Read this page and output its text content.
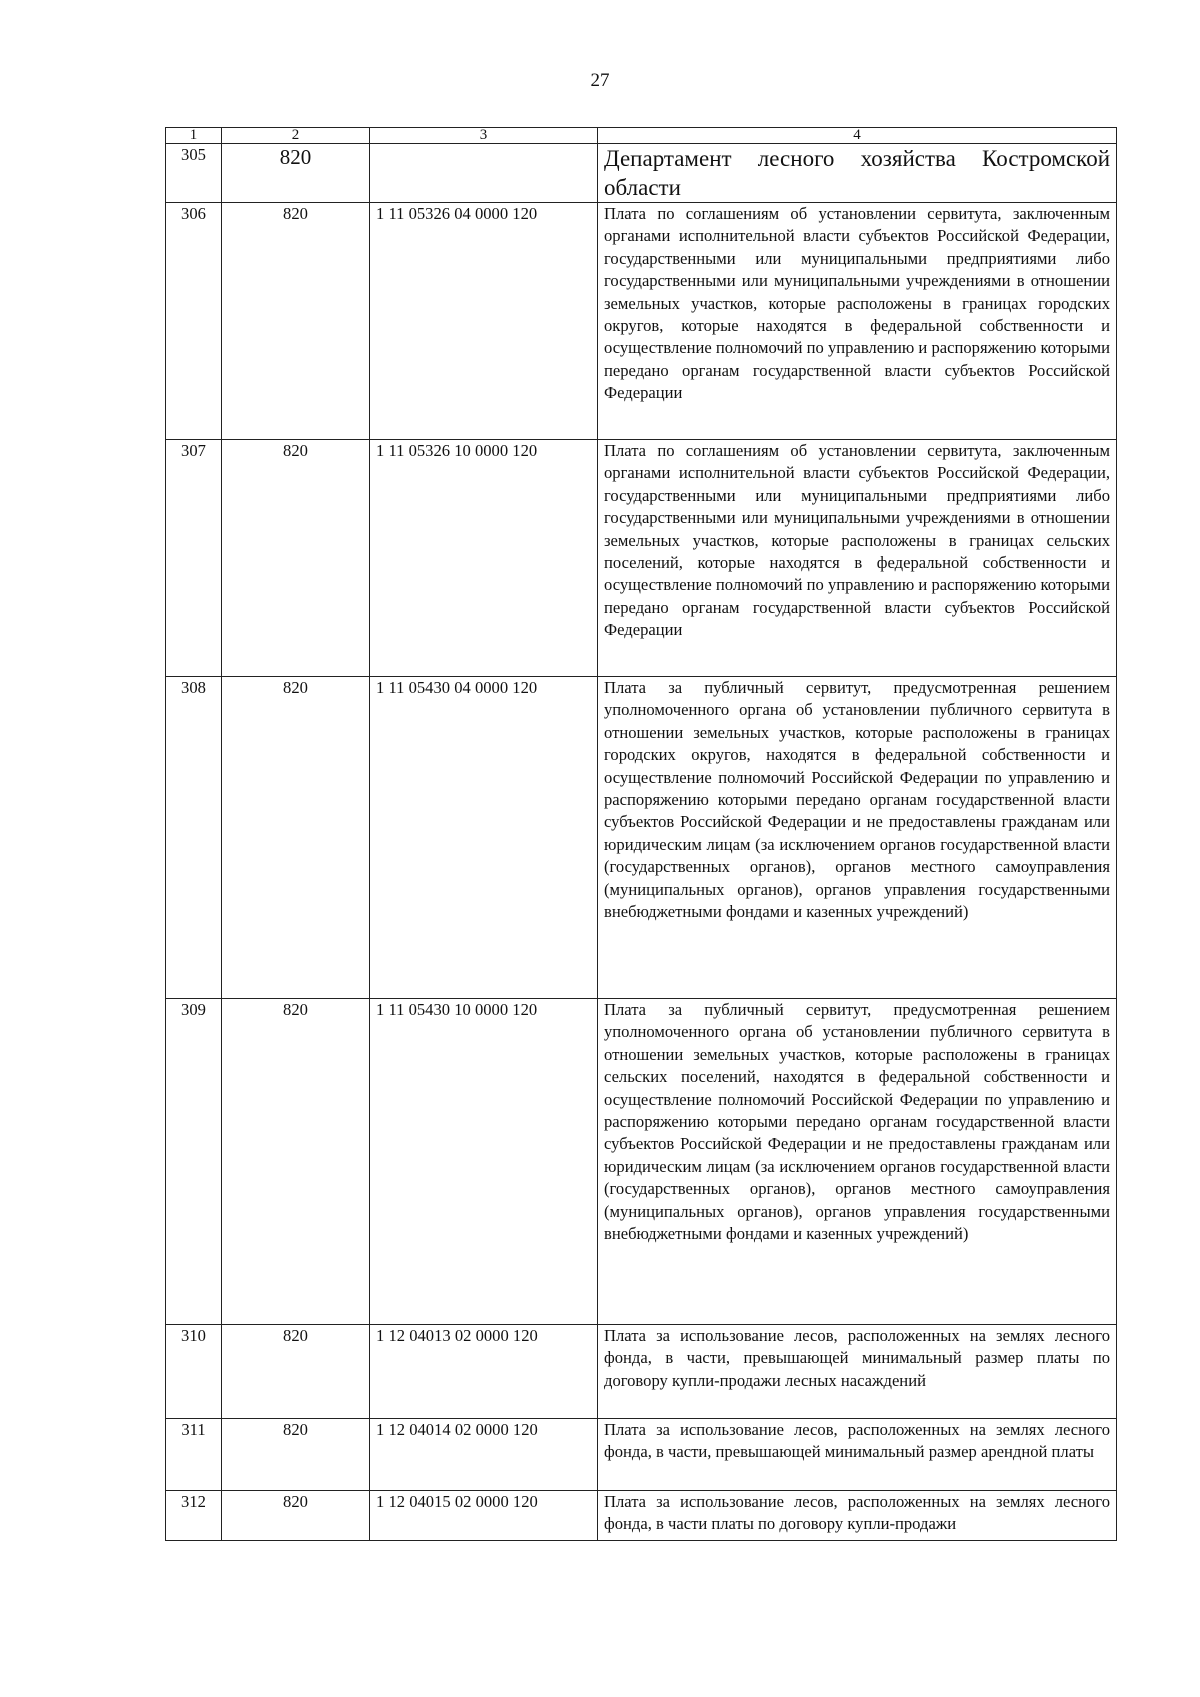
27
1	2	3	4
305	820		Департамент лесного хозяйства Костромской области
306	820	1 11 05326 04 0000 120	Плата по соглашениям об установлении сервитута, заключенным органами исполнительной власти субъектов Российской Федерации, государственными или муниципальными предприятиями либо государственными или муниципальными учреждениями в отношении земельных участков, которые расположены в границах городских округов, которые находятся в федеральной собственности и осуществление полномочий по управлению и распоряжению которыми передано органам государственной власти субъектов Российской Федерации
307	820	1 11 05326 10 0000 120	Плата по соглашениям об установлении сервитута, заключенным органами исполнительной власти субъектов Российской Федерации, государственными или муниципальными предприятиями либо государственными или муниципальными учреждениями в отношении земельных участков, которые расположены в границах сельских поселений, которые находятся в федеральной собственности и осуществление полномочий по управлению и распоряжению которыми передано органам государственной власти субъектов Российской Федерации
308	820	1 11 05430 04 0000 120	Плата за публичный сервитут, предусмотренная решением уполномоченного органа об установлении публичного сервитута в отношении земельных участков, которые расположены в границах городских округов, находятся в федеральной собственности и осуществление полномочий Российской Федерации по управлению и распоряжению которыми передано органам государственной власти субъектов Российской Федерации и не предоставлены гражданам или юридическим лицам (за исключением органов государственной власти (государственных органов), органов местного самоуправления (муниципальных органов), органов управления государственными внебюджетными фондами и казенных учреждений)
309	820	1 11 05430 10 0000 120	Плата за публичный сервитут, предусмотренная решением уполномоченного органа об установлении публичного сервитута в отношении земельных участков, которые расположены в границах сельских поселений, находятся в федеральной собственности и осуществление полномочий Российской Федерации по управлению и распоряжению которыми передано органам государственной власти субъектов Российской Федерации и не предоставлены гражданам или юридическим лицам (за исключением органов государственной власти (государственных органов), органов местного самоуправления (муниципальных органов), органов управления государственными внебюджетными фондами и казенных учреждений)
310	820	1 12 04013 02 0000 120	Плата за использование лесов, расположенных на землях лесного фонда, в части, превышающей минимальный размер платы по договору купли-продажи лесных насаждений
311	820	1 12 04014 02 0000 120	Плата за использование лесов, расположенных на землях лесного фонда, в части, превышающей минимальный размер арендной платы
312	820	1 12 04015 02 0000 120	Плата за использование лесов, расположенных на землях лесного фонда, в части платы по договору купли-продажи
